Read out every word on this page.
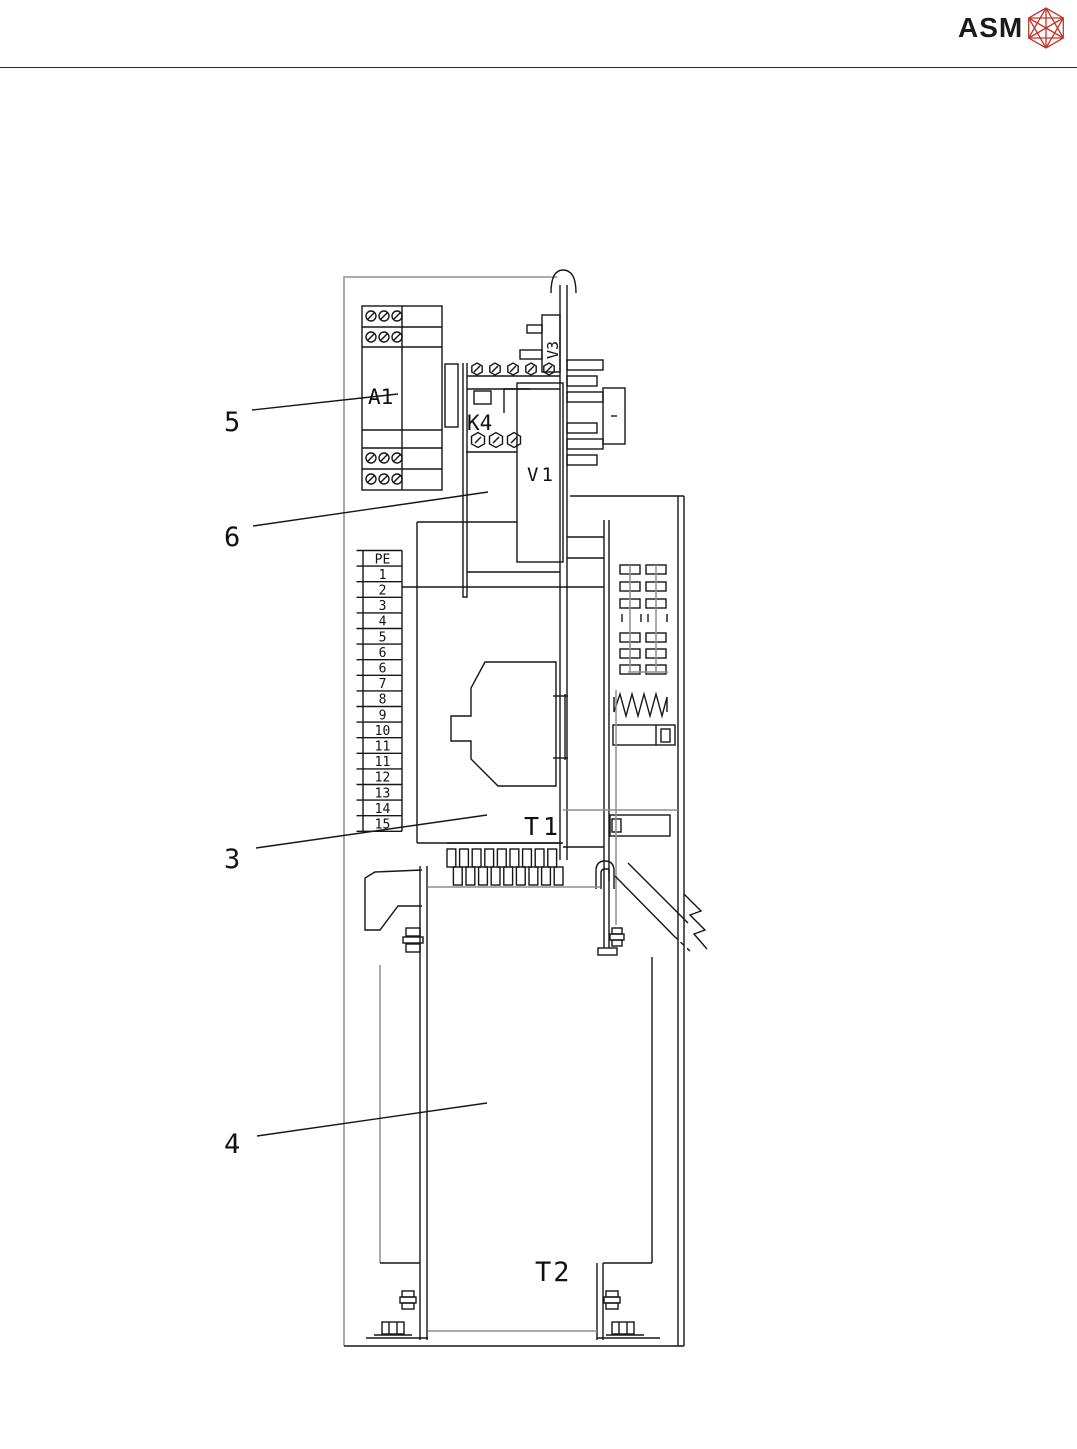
ASM
PE
1
2
3
4
5
6
6
7
8
9
10
11
11
12
13
14
15
A1
K4
V1
V3
T1
T2
5
6
3
4
